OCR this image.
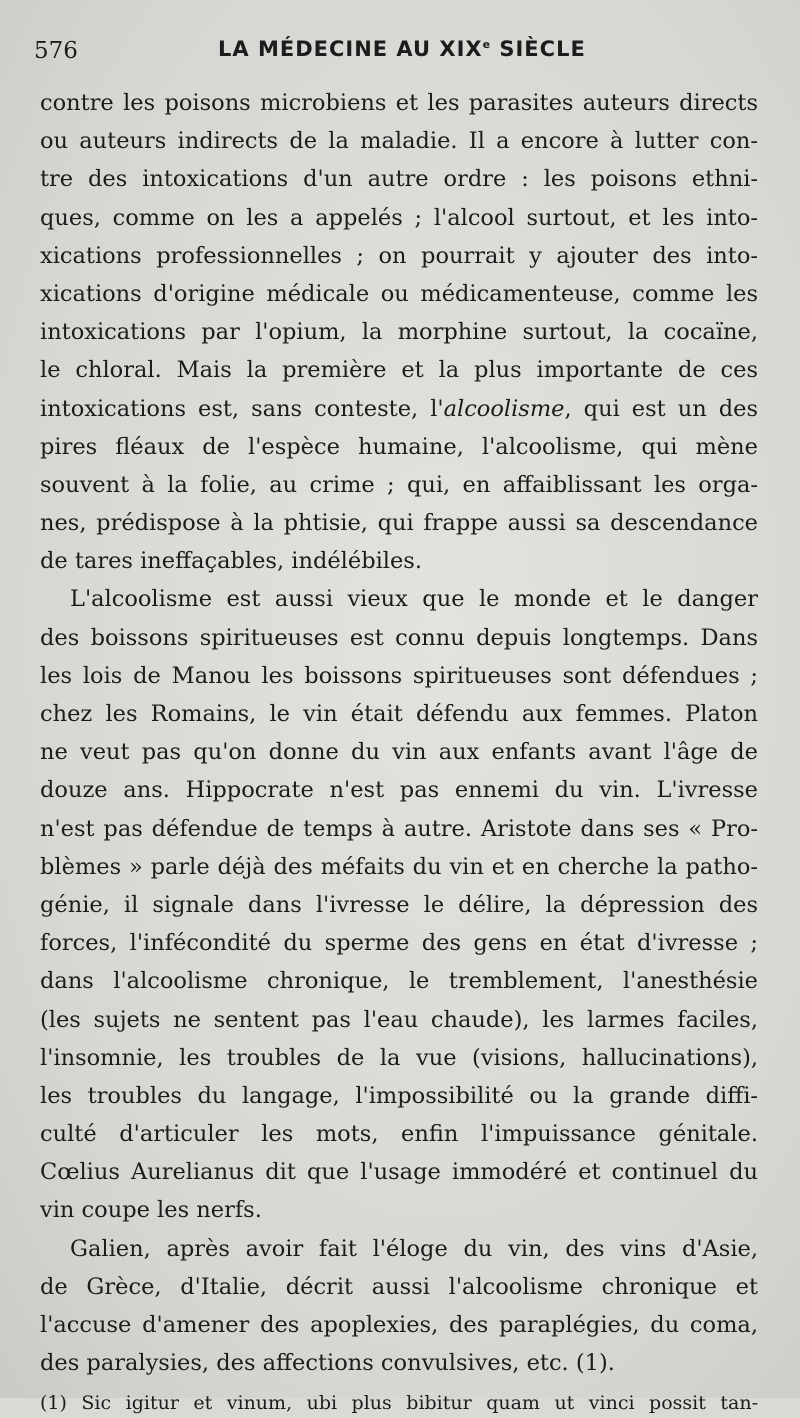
576	LA MÉDECINE AU XIXe SIÈCLE
contre les poisons microbiens et les parasites auteurs directs
ou auteurs indirects de la maladie. Il a encore à lutter con-
tre des intoxications d'un autre ordre : les poisons ethni-
ques, comme on les a appelés ; l'alcool surtout, et les into-
xications professionnelles ; on pourrait y ajouter des into-
xications d'origine médicale ou médicamenteuse, comme les
intoxications par l'opium, la morphine surtout, la cocaïne,
le chloral. Mais la première et la plus importante de ces
intoxications est, sans conteste, l'alcoolisme, qui est un des
pires fléaux de l'espèce humaine, l'alcoolisme, qui mène
souvent à la folie, au crime ; qui, en affaiblissant les orga-
nes, prédispose à la phtisie, qui frappe aussi sa descendance
de tares ineffaçables, indélébiles.
L'alcoolisme est aussi vieux que le monde et le danger
des boissons spiritueuses est connu depuis longtemps. Dans
les lois de Manou les boissons spiritueuses sont défendues ;
chez les Romains, le vin était défendu aux femmes. Platon
ne veut pas qu'on donne du vin aux enfants avant l'âge de
douze ans. Hippocrate n'est pas ennemi du vin. L'ivresse
n'est pas défendue de temps à autre. Aristote dans ses « Pro-
blèmes » parle déjà des méfaits du vin et en cherche la patho-
génie, il signale dans l'ivresse le délire, la dépression des
forces, l'infécondité du sperme des gens en état d'ivresse ;
dans l'alcoolisme chronique, le tremblement, l'anesthésie
(les sujets ne sentent pas l'eau chaude), les larmes faciles,
l'insomnie, les troubles de la vue (visions, hallucinations),
les troubles du langage, l'impossibilité ou la grande diffi-
culté d'articuler les mots, enfin l'impuissance génitale.
Cœlius Aurelianus dit que l'usage immodéré et continuel du
vin coupe les nerfs.
Galien, après avoir fait l'éloge du vin, des vins d'Asie,
de Grèce, d'Italie, décrit aussi l'alcoolisme chronique et
l'accuse d'amener des apoplexies, des paraplégies, du coma,
des paralysies, des affections convulsives, etc. (1).
(1) Sic igitur et vinum, ubi plus bibitur quam ut vinci possit tan-
